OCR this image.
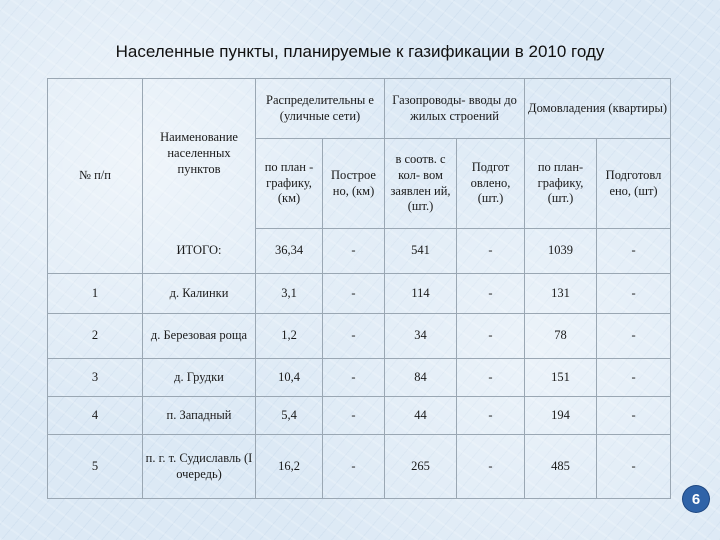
Населенные пункты, планируемые к газификации в 2010 году
№ п/п	Наименование населенных пунктов	Распределительны е (уличные сети)		Газопроводы- вводы до жилых строений		Домовладения (квартиры)	
		по план - графику, (км)	Построе но, (км)	в соотв. с кол- вом заявлен ий, (шт.)	Подгот овлено, (шт.)	по план- графику, (шт.)	Подготовл ено, (шт)
	ИТОГО:	36,34	-	541	-	1039	-
1	д. Калинки	3,1	-	114	-	131	-
2	д. Березовая роща	1,2	-	34	-	78	-
3	д. Грудки	10,4	-	84	-	151	-
4	п. Западный	5,4	-	44	-	194	-
5	п. г. т. Судиславль (I очередь)	16,2	-	265	-	485	-
6
